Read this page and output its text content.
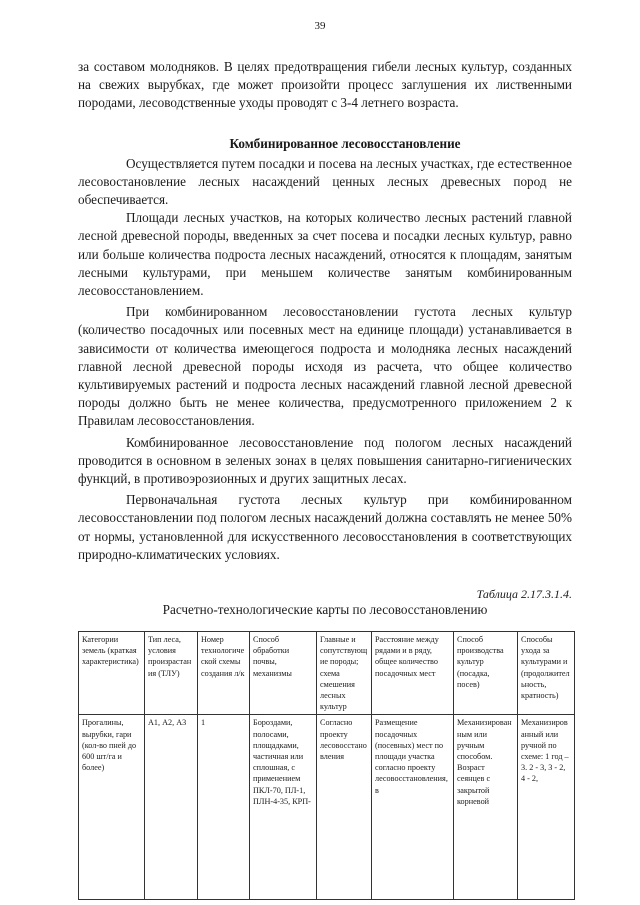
39

за составом молодняков. В целях предотвращения гибели лесных культур, созданных на свежих вырубках, где может произойти процесс заглушения их лиственными породами, лесоводственные уходы проводят с 3-4 летнего возраста.

Комбинированное лесовосстановление

Осуществляется путем посадки и посева на лесных участках, где естественное лесовостановление лесных насаждений ценных лесных древесных пород не обеспечивается.

Площади лесных участков, на которых количество лесных растений главной лесной древесной породы, введенных за счет посева и посадки лесных культур, равно или больше количества подроста лесных насаждений, относятся к площадям, занятым лесными культурами, при меньшем количестве занятым комбинированным лесовосстановлением.

При комбинированном лесовосстановлении густота лесных культур (количество посадочных или посевных мест на единице площади) устанавливается в зависимости от количества имеющегося подроста и молодняка лесных насаждений главной лесной древесной породы исходя из расчета, что общее количество культивируемых растений и подроста лесных насаждений главной лесной древесной породы должно быть не менее количества, предусмотренного приложением 2 к Правилам лесовосстановления.

Комбинированное лесовосстановление под пологом лесных насаждений проводится в основном в зеленых зонах в целях повышения санитарно-гигиенических функций, в противоэрозионных и других защитных лесах.

Первоначальная густота лесных культур при комбинированном лесовосстановлении под пологом лесных насаждений должна составлять не менее 50% от нормы, установленной для искусственного лесовосстановления в соответствующих природно-климатических условиях.

Таблица 2.17.3.1.4.
Расчетно-технологические карты по лесовосстановлению
Категории земель (краткая характеристика)	Тип леса, условия произрастания (ТЛУ)	Номер технологической схемы создания л/к	Способ обработки почвы, механизмы	Главные и сопутствующие породы; схема смешения лесных культур	Расстояние между рядами и в ряду, общее количество посадочных мест	Способ производства культур (посадка, посев)	Способы ухода за культурами и (продолжительность, кратность)
Прогалины, вырубки, гари (кол-во пней до 600 шт/га и более)	А1, А2, А3	1	Бороздами, полосами, площадками, частичная или сплошная, с применением ПКЛ-70, ПЛ-1, ПЛН-4-35, КРП-	Согласно проекту лесовосстановления	Размещение посадочных (посевных) мест по площади участка согласно проекту лесовосстановления, в	Механизированным или ручным способом. Возраст сеянцев с закрытой корневой	Механизированный или ручной по схеме: 1 год – 3. 2 - 3, 3 - 2, 4 - 2,
